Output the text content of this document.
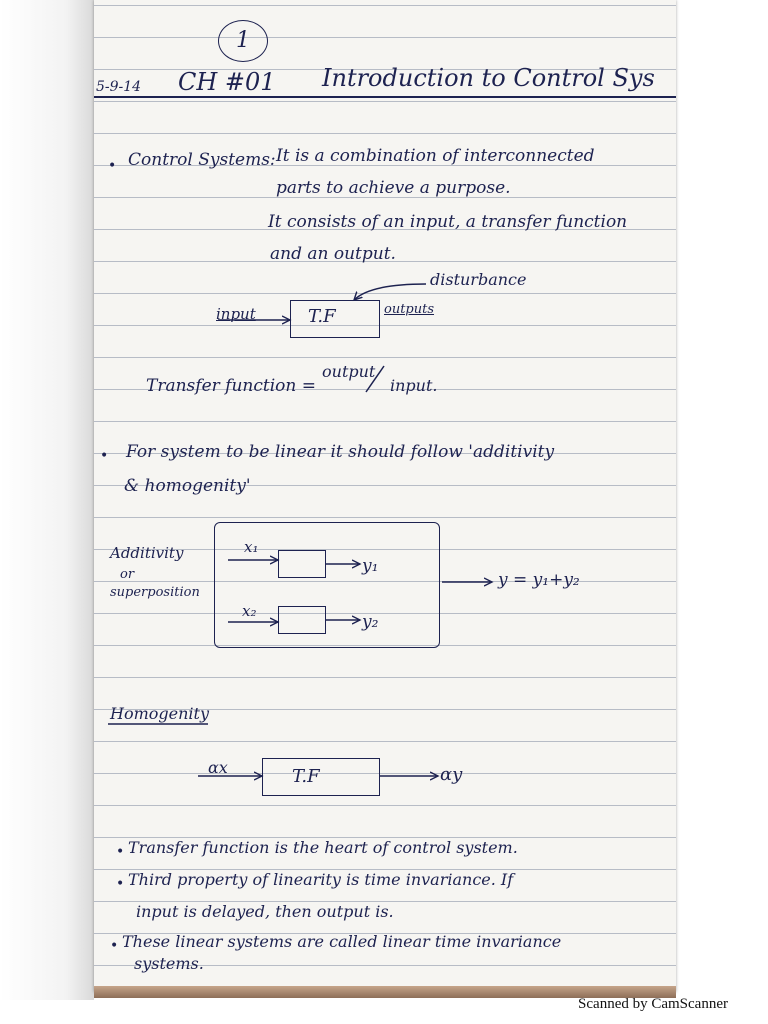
1
5-9-14 CH #01 Introduction to Control Sys
• Control Systems: It is a combination of interconnected
parts to achieve a purpose.
It consists of an input, a transfer function
and an output.
input	T.F	outputs
disturbance
Transfer function =
output
input.
• For system to be linear it should follow 'additivity
& homogenity'
Additivity
or
superposition
x₁
y₁
x₂
y₂
y = y₁+y₂
Homogenity
αx	T.F	αy
• Transfer function is the heart of control system.
• Third property of linearity is time invariance. If
input is delayed, then output is.
• These linear systems are called linear time invariance
systems.
Scanned by CamScanner
